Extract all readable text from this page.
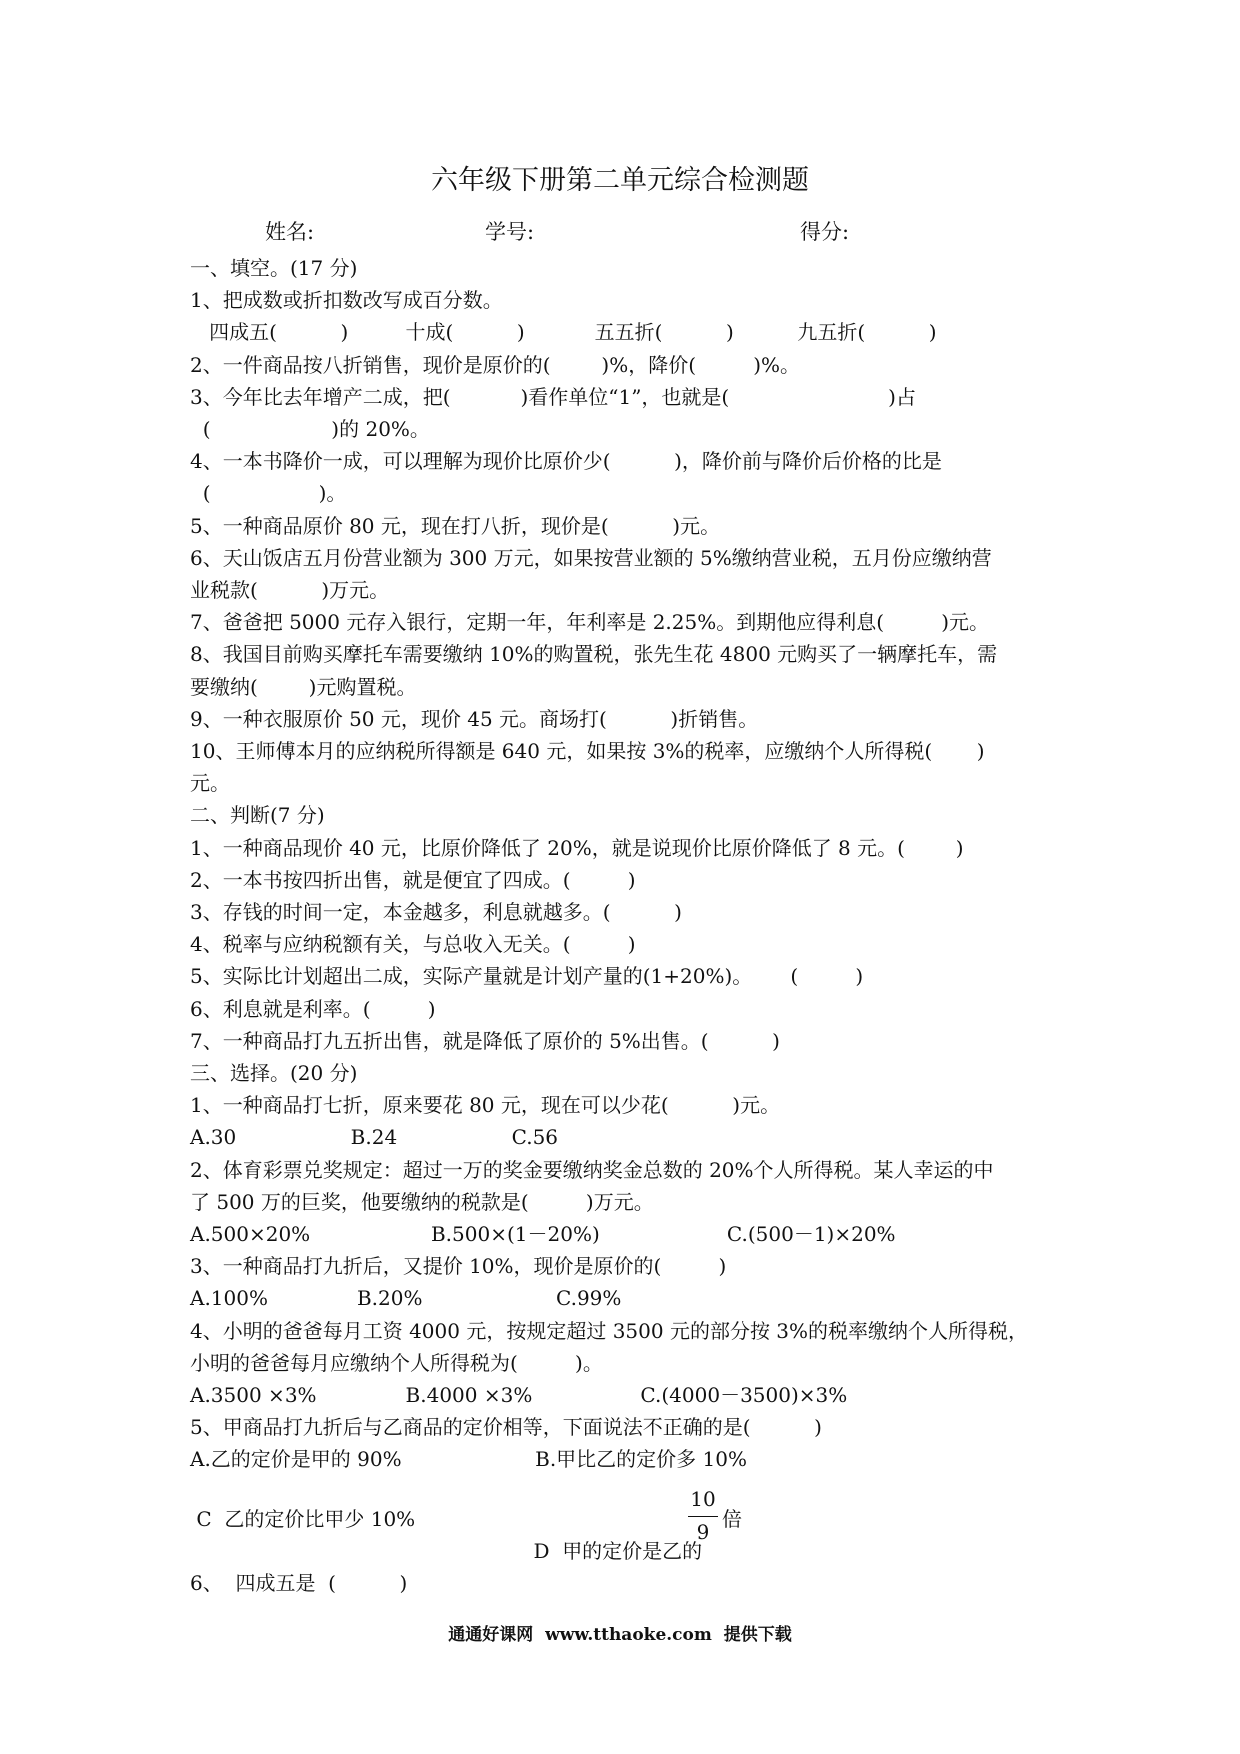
六年级下册第二单元综合检测题
姓名:	学号:	得分:
一、填空。(17 分)
1、把成数或折扣数改写成百分数。
四成五(          )         十成(          )           五五折(          )          九五折(          )
2、一件商品按八折销售，现价是原价的(        )%，降价(         )%。
3、今年比去年增产二成，把(           )看作单位“1”，也就是(                         )占
(                   )的 20%。
4、一本书降价一成，可以理解为现价比原价少(          )，降价前与降价后价格的比是
(                 )。
5、一种商品原价 80 元，现在打八折，现价是(          )元。
6、天山饭店五月份营业额为 300 万元，如果按营业额的 5%缴纳营业税，五月份应缴纳营
业税款(          )万元。
7、爸爸把 5000 元存入银行，定期一年，年利率是 2.25%。到期他应得利息(         )元。
8、我国目前购买摩托车需要缴纳 10%的购置税，张先生花 4800 元购买了一辆摩托车，需
要缴纳(        )元购置税。
9、一种衣服原价 50 元，现价 45 元。商场打(          )折销售。
10、王师傅本月的应纳税所得额是 640 元，如果按 3%的税率，应缴纳个人所得税(       )
元。
二、判断(7 分)
1、一种商品现价 40 元，比原价降低了 20%，就是说现价比原价降低了 8 元。(        )
2、一本书按四折出售，就是便宜了四成。(         )
3、存钱的时间一定，本金越多，利息就越多。(          )
4、税率与应纳税额有关，与总收入无关。(         )
5、实际比计划超出二成，实际产量就是计划产量的(1+20%)。      (         )
6、利息就是利率。(         )
7、一种商品打九五折出售，就是降低了原价的 5%出售。(          )
三、选择。(20 分)
1、一种商品打七折，原来要花 80 元，现在可以少花(          )元。
A.30                  B.24                  C.56
2、体育彩票兑奖规定：超过一万的奖金要缴纳奖金总数的 20%个人所得税。某人幸运的中
了 500 万的巨奖，他要缴纳的税款是(         )万元。
A.500×20%                   B.500×(1－20%)                    C.(500－1)×20%
3、一种商品打九折后，又提价 10%，现价是原价的(         )
A.100%              B.20%                     C.99%
4、小明的爸爸每月工资 4000 元，按规定超过 3500 元的部分按 3%的税率缴纳个人所得税，
小明的爸爸每月应缴纳个人所得税为(         )。
A.3500 ×3%              B.4000 ×3%                 C.(4000－3500)×3%
5、甲商品打九折后与乙商品的定价相等，下面说法不正确的是(          )
A.乙的定价是甲的 90%                     B.甲比乙的定价多 10%
C  乙的定价比甲少 10%

D  甲的定价是乙的

10
9
倍
6、  四成五是  (          )
通通好课网  www.tthaoke.com  提供下载
